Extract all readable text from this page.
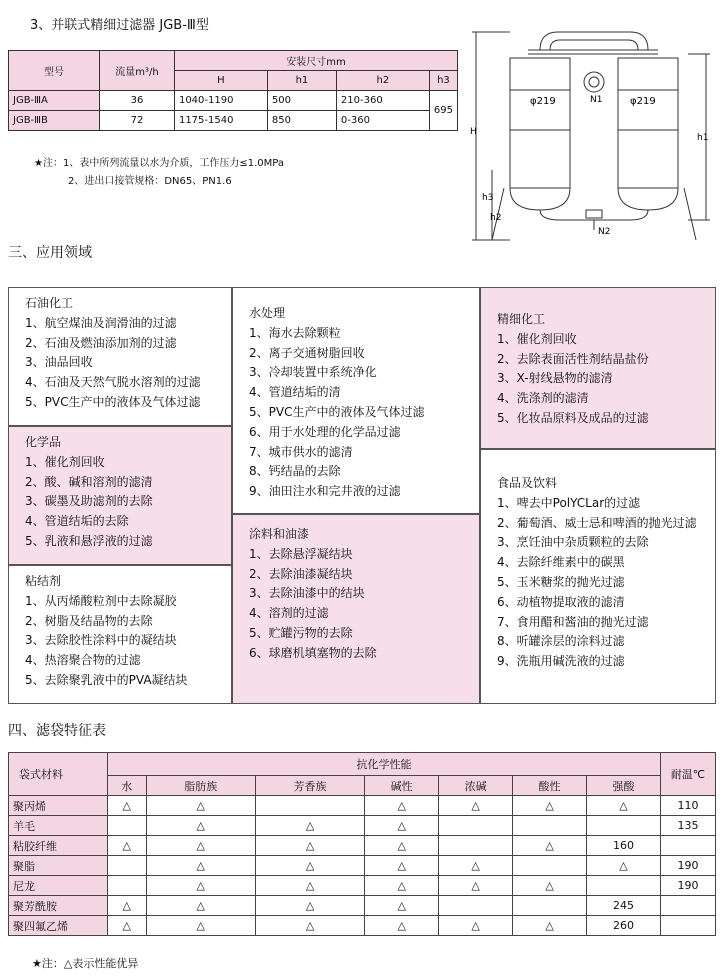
3、并联式精细过滤器 JGB-Ⅲ型
型号	流量m³/h	安装尺寸mm			
		H	h1	h2	h3
JGB-ⅢA	36	1040-1190	500	210-360	695
JGB-ⅢB	72	1175-1540	850	0-360	
★注：1、表中所列流量以水为介质，工作压力≤1.0MPa
2、进出口接管规格：DN65、PN1.6
φ219	φ219
N1
N2
H
h3
h1
h2
三、应用领域
石油化工
1、航空煤油及润滑油的过滤
2、石油及燃油添加剂的过滤
3、油品回收
4、石油及天然气脱水溶剂的过滤
5、PVC生产中的液体及气体过滤
化学品
1、催化剂回收
2、酸、碱和溶剂的滤清
3、碳墨及助滤剂的去除
4、管道结垢的去除
5、乳液和悬浮液的过滤
粘结剂
1、从丙烯酸粒剂中去除凝胶
2、树脂及结晶物的去除
3、去除胶性涂料中的凝结块
4、热溶聚合物的过滤
5、去除聚乳液中的PVA凝结块
水处理
1、海水去除颗粒
2、离子交通树脂回收
3、冷却装置中系统净化
4、管道结垢的清
5、PVC生产中的液体及气体过滤
6、用于水处理的化学品过滤
7、城市供水的滤清
8、钙结晶的去除
9、油田注水和完井液的过滤
涂料和油漆
1、去除悬浮凝结块
2、去除油漆凝结块
3、去除油漆中的结块
4、溶剂的过滤
5、贮罐污物的去除
6、球磨机填塞物的去除
精细化工
1、催化剂回收
2、去除表面活性剂结晶盐份
3、X-射线悬物的滤清
4、洗涤剂的滤清
5、化妆品原料及成品的过滤
食品及饮料
1、啤去中PolYCLar的过滤
2、葡萄酒、威士忌和啤酒的抛光过滤
3、烹饪油中杂质颗粒的去除
4、去除纤维素中的碳黑
5、玉米糖浆的抛光过滤
6、动植物提取液的滤清
7、食用醋和酱油的抛光过滤
8、听罐涂层的涂料过滤
9、洗瓶用碱洗液的过滤
四、滤袋特征表
袋式材料	抗化学性能							耐温℃
	水	脂肪族	芳香族	碱性	浓碱	酸性	强酸	
聚丙烯	△	△		△	△	△	△	110
羊毛		△	△	△				135
粘胶纤维	△	△	△	△		△	160	
聚脂		△	△	△	△		△	190
尼龙		△	△	△	△	△		190
聚芳酰胺	△	△	△	△			245	
聚四氟乙烯	△	△	△	△	△	△	260	
★注：△表示性能优异
